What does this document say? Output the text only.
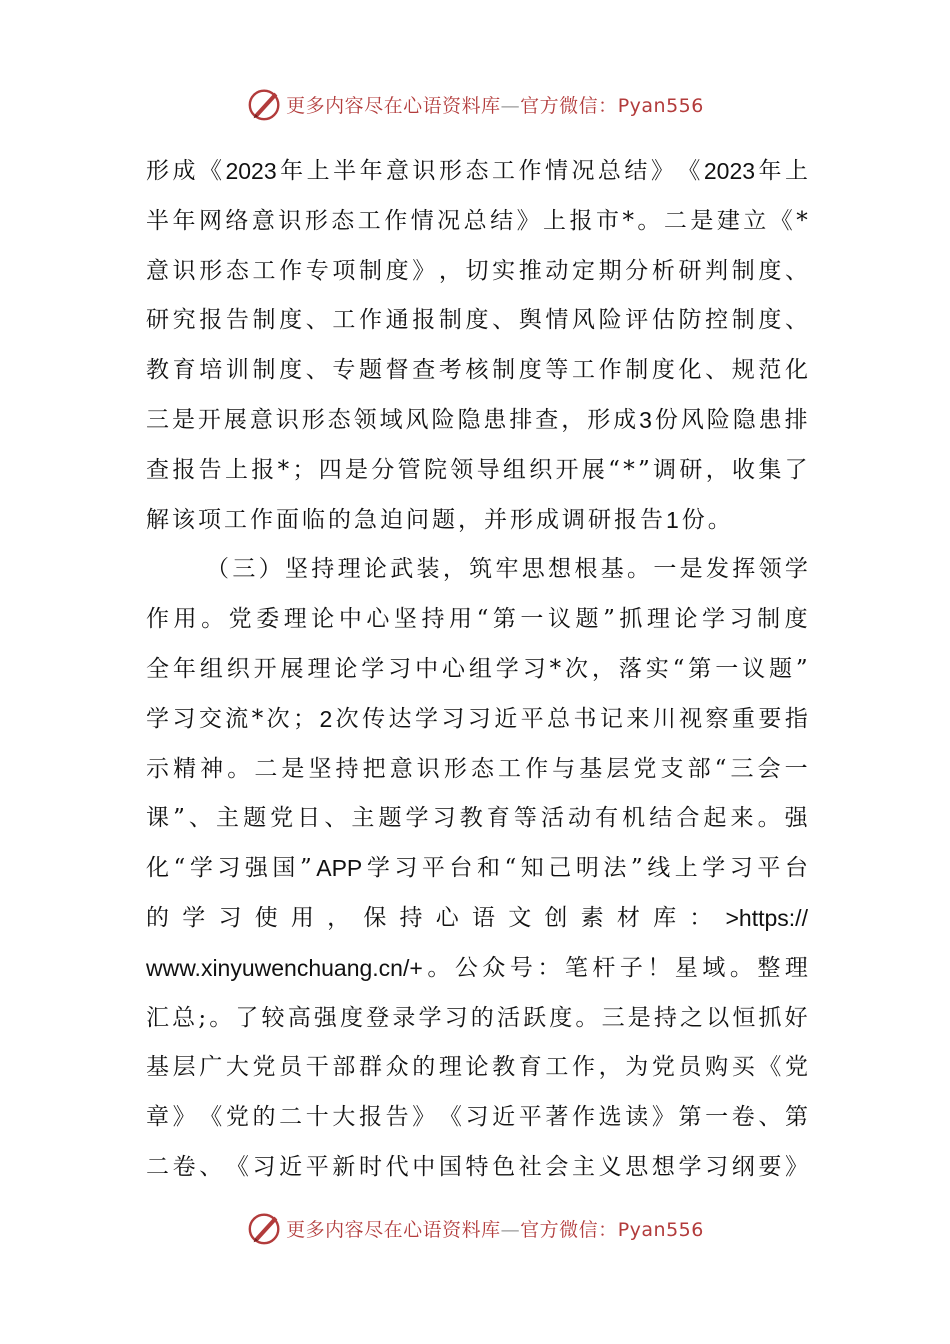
更多内容尽在心语资料库—官方微信：Pyan556
形 成 《 2023 年 上 半 年 意 识 形 态 工 作 情 况 总 结 》 《 2023 年 上
半 年 网 络 意 识 形 态 工 作 情 况 总 结 》 上 报 市 * 。 二 是 建 立 《 *
意 识 形 态 工 作 专 项 制 度 》 ， 切 实 推 动 定 期 分 析 研 判 制 度 、
研 究 报 告 制 度 、 工 作 通 报 制 度 、 舆 情 风 险 评 估 防 控 制 度 、
教 育 培 训 制 度 、 专 题 督 查 考 核 制 度 等 工 作 制 度 化 、 规 范 化
三 是 开 展 意 识 形 态 领 域 风 险 隐 患 排 查 ， 形 成 3 份 风 险 隐 患 排
查 报 告 上 报 * ； 四 是 分 管 院 领 导 组 织 开 展 “ * ” 调 研 ， 收 集 了
解 该 项 工 作 面 临 的 急 迫 问 题 ， 并 形 成 调 研 报 告 1 份 。
（ 三 ） 坚 持 理 论 武 装 ， 筑 牢 思 想 根 基 。 一 是 发 挥 领 学
作 用 。 党 委 理 论 中 心 坚 持 用 “ 第 一 议 题 ” 抓 理 论 学 习 制 度
全 年 组 织 开 展 理 论 学 习 中 心 组 学 习 * 次 ， 落 实 “ 第 一 议 题 ”
学 习 交 流 * 次 ； 2 次 传 达 学 习 习 近 平 总 书 记 来 川 视 察 重 要 指
示 精 神 。 二 是 坚 持 把 意 识 形 态 工 作 与 基 层 党 支 部 “ 三 会 一
课 ” 、 主 题 党 日 、 主 题 学 习 教 育 等 活 动 有 机 结 合 起 来 。 强
化 “ 学 习 强 国 ” APP 学 习 平 台 和 “ 知 己 明 法 ” 线 上 学 习 平 台
的 学 习 使 用 ， 保 持 心 语 文 创 素 材 库 ： >https://
www.xinyuwenchuang.cn/+ 。 公 众 号 ： 笔 杆 子 ！ 星 域 。 整 理
汇 总 ; 。 了 较 高 强 度 登 录 学 习 的 活 跃 度 。 三 是 持 之 以 恒 抓 好
基 层 广 大 党 员 干 部 群 众 的 理 论 教 育 工 作 ， 为 党 员 购 买 《 党
章 》 《 党 的 二 十 大 报 告 》 《 习 近 平 著 作 选 读 》 第 一 卷 、 第
二 卷 、 《 习 近 平 新 时 代 中 国 特 色 社 会 主 义 思 想 学 习 纲 要 》
更多内容尽在心语资料库—官方微信：Pyan556
